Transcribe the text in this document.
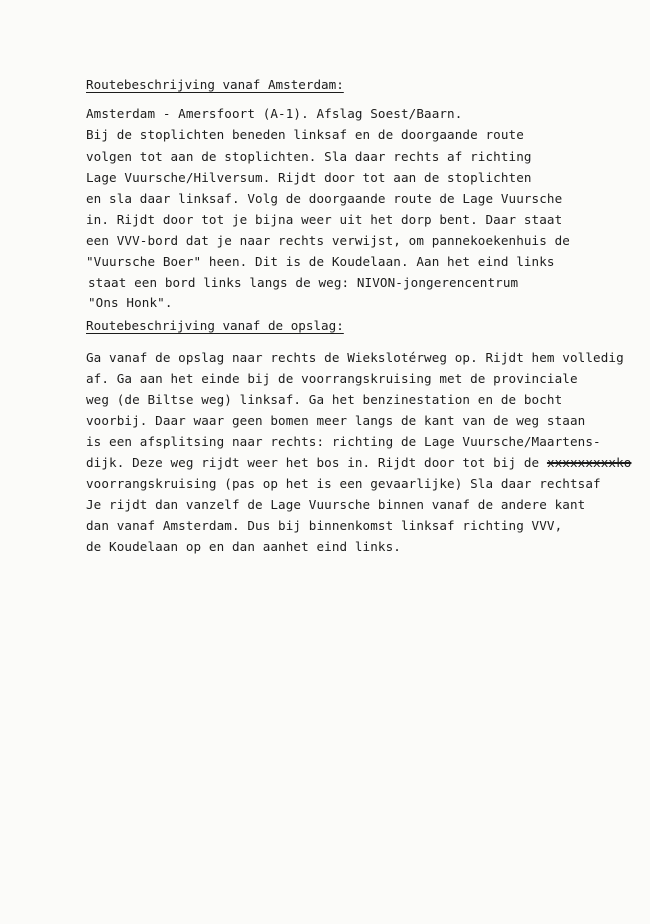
Routebeschrijving vanaf Amsterdam:

Amsterdam - Amersfoort (A-1). Afslag Soest/Baarn.

Bij de stoplichten beneden linksaf en de doorgaande route

volgen tot aan de stoplichten. Sla daar rechts af richting

Lage Vuursche/Hilversum. Rijdt door tot aan de stoplichten

en sla daar linksaf. Volg de doorgaande route de Lage Vuursche

in. Rijdt door tot je bijna weer uit het dorp bent. Daar staat

een VVV-bord dat je naar rechts verwijst, om pannekoekenhuis de

"Vuursche Boer" heen. Dit is de Koudelaan. Aan het eind links

staat een bord links langs de weg: NIVON-jongerencentrum

"Ons Honk".

Routebeschrijving vanaf de opslag:

Ga vanaf de opslag naar rechts de Wiekslotérweg op. Rijdt hem volledig

af. Ga aan het einde bij de voorrangskruising met de provinciale

weg (de Biltse weg) linksaf. Ga het benzinestation en de bocht

voorbij. Daar waar geen bomen meer langs de kant van de weg staan

is een afsplitsing naar rechts: richting de Lage Vuursche/Maartens-

dijk. Deze weg rijdt weer het bos in. Rijdt door tot bij de xxxxxxxxxko

voorrangskruising (pas op het is een gevaarlijke) Sla daar rechtsaf

Je rijdt dan vanzelf de Lage Vuursche binnen vanaf de andere kant

dan vanaf Amsterdam. Dus bij binnenkomst linksaf richting VVV,

de Koudelaan op en dan aanhet eind links.
